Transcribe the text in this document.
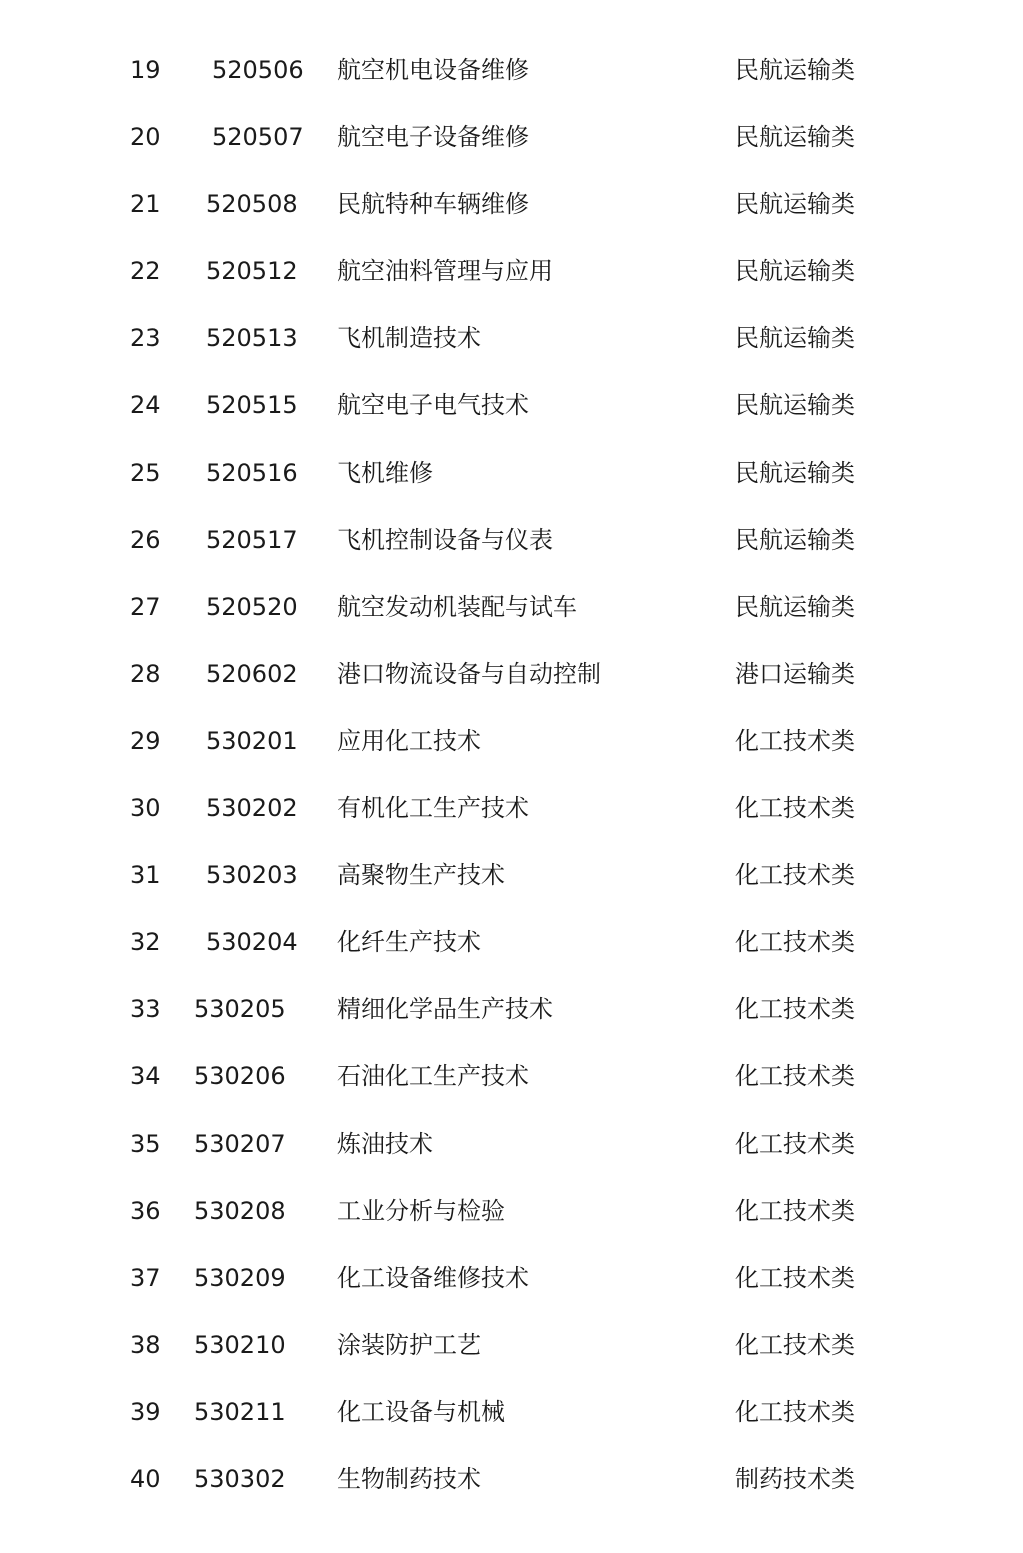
19 520506 航空机电设备维修	民航运输类
20 520507 航空电子设备维修	民航运输类
21 520508 民航特种车辆维修	民航运输类
22 520512 航空油料管理与应用	民航运输类
23 520513 飞机制造技术	民航运输类
24 520515 航空电子电气技术	民航运输类
25 520516 飞机维修	民航运输类
26 520517 飞机控制设备与仪表	民航运输类
27 520520 航空发动机装配与试车	民航运输类
28 520602 港口物流设备与自动控制	港口运输类
29 530201 应用化工技术	化工技术类
30 530202 有机化工生产技术	化工技术类
31 530203 高聚物生产技术	化工技术类
32 530204 化纤生产技术	化工技术类
33 530205 精细化学品生产技术	化工技术类
34 530206 石油化工生产技术	化工技术类
35 530207 炼油技术	化工技术类
36 530208 工业分析与检验	化工技术类
37 530209 化工设备维修技术	化工技术类
38 530210 涂装防护工艺	化工技术类
39 530211 化工设备与机械	化工技术类
40 530302 生物制药技术	制药技术类
